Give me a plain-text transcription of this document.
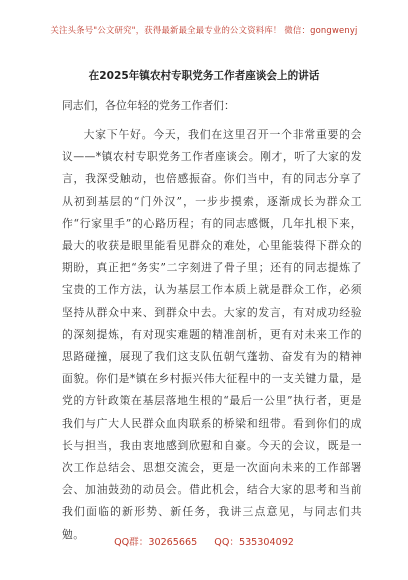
关注头条号"公文研究"，获得最新最全最专业的公文资料库！ 微信：gongwenyj
在2025年镇农村专职党务工作者座谈会上的讲话
同志们，各位年轻的党务工作者们：

大家下午好。今天，我们在这里召开一个非常重要的会议——*镇农村专职党务工作者座谈会。刚才，听了大家的发言，我深受触动，也倍感振奋。你们当中，有的同志分享了从初到基层的“门外汉”，一步步摸索，逐渐成长为群众工作“行家里手”的心路历程；有的同志感慨，几年扎根下来，最大的收获是眼里能看见群众的难处，心里能装得下群众的期盼，真正把“务实”二字刻进了骨子里；还有的同志提炼了宝贵的工作方法，认为基层工作本质上就是群众工作，必须坚持从群众中来、到群众中去。大家的发言，有对成功经验的深刻提炼，有对现实难题的精准剖析，更有对未来工作的思路碰撞，展现了我们这支队伍朝气蓬勃、奋发有为的精神面貌。你们是*镇在乡村振兴伟大征程中的一支关键力量，是党的方针政策在基层落地生根的“最后一公里”执行者，更是我们与广大人民群众血肉联系的桥梁和纽带。看到你们的成长与担当，我由衷地感到欣慰和自豪。今天的会议，既是一次工作总结会、思想交流会，更是一次面向未来的工作部署会、加油鼓劲的动员会。借此机会，结合大家的思考和当前我们面临的新形势、新任务，我讲三点意见，与同志们共勉。

QQ群：30265665 QQ：535304092
